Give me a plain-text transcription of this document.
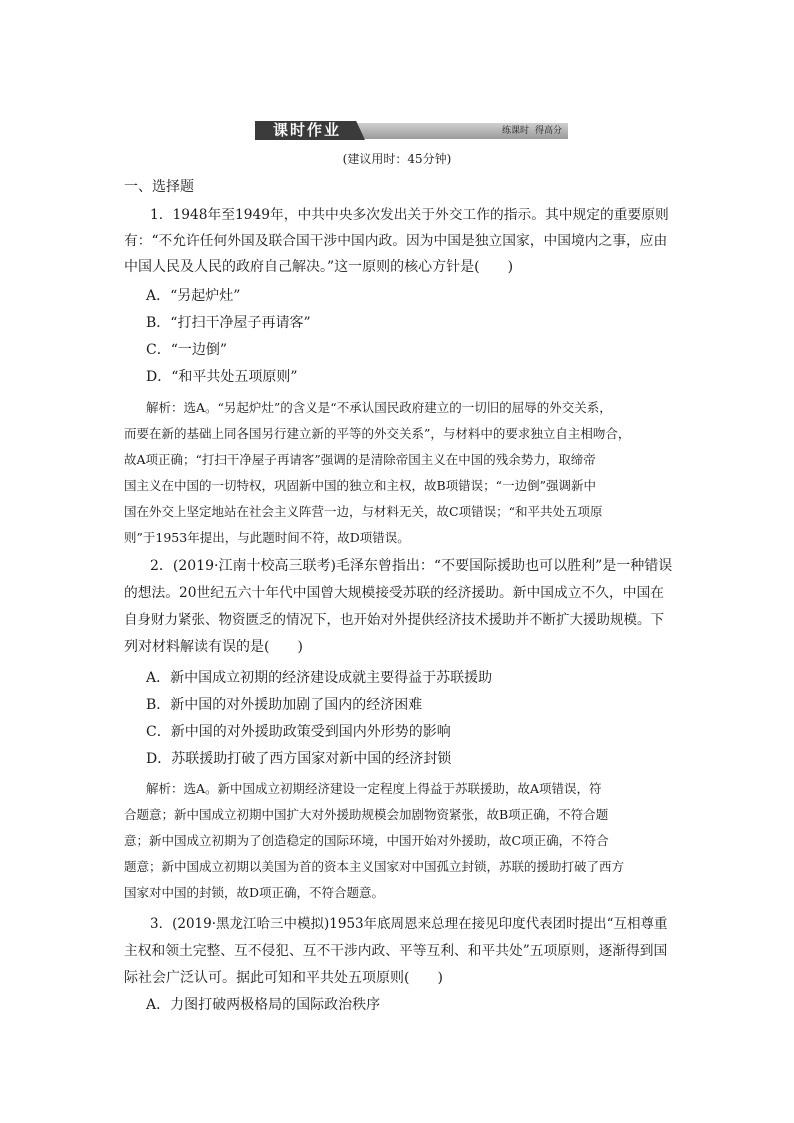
课时作业	练课时 得高分
(建议用时：45分钟)
一、选择题
1．1948年至1949年，中共中央多次发出关于外交工作的指示。其中规定的重要原则
有：“不允许任何外国及联合国干涉中国内政。因为中国是独立国家，中国境内之事，应由
中国人民及人民的政府自己解决。”这一原则的核心方针是(　　)
A．“另起炉灶”
B．“打扫干净屋子再请客”
C．“一边倒”
D．“和平共处五项原则”
解析：选A。“另起炉灶”的含义是“不承认国民政府建立的一切旧的屈辱的外交关系，
而要在新的基础上同各国另行建立新的平等的外交关系”，与材料中的要求独立自主相吻合，
故A项正确；“打扫干净屋子再请客”强调的是清除帝国主义在中国的残余势力，取缔帝
国主义在中国的一切特权，巩固新中国的独立和主权，故B项错误；“一边倒”强调新中
国在外交上坚定地站在社会主义阵营一边，与材料无关，故C项错误；“和平共处五项原
则”于1953年提出，与此题时间不符，故D项错误。
2．(2019·江南十校高三联考)毛泽东曾指出：“不要国际援助也可以胜利”是一种错误
的想法。20世纪五六十年代中国曾大规模接受苏联的经济援助。新中国成立不久，中国在
自身财力紧张、物资匮乏的情况下，也开始对外提供经济技术援助并不断扩大援助规模。下
列对材料解读有误的是(　　)
A．新中国成立初期的经济建设成就主要得益于苏联援助
B．新中国的对外援助加剧了国内的经济困难
C．新中国的对外援助政策受到国内外形势的影响
D．苏联援助打破了西方国家对新中国的经济封锁
解析：选A。新中国成立初期经济建设一定程度上得益于苏联援助，故A项错误，符
合题意；新中国成立初期中国扩大对外援助规模会加剧物资紧张，故B项正确，不符合题
意；新中国成立初期为了创造稳定的国际环境，中国开始对外援助，故C项正确，不符合
题意；新中国成立初期以美国为首的资本主义国家对中国孤立封锁，苏联的援助打破了西方
国家对中国的封锁，故D项正确，不符合题意。
3．(2019·黑龙江哈三中模拟)1953年底周恩来总理在接见印度代表团时提出“互相尊重
主权和领土完整、互不侵犯、互不干涉内政、平等互利、和平共处”五项原则，逐渐得到国
际社会广泛认可。据此可知和平共处五项原则(　　)
A．力图打破两极格局的国际政治秩序
